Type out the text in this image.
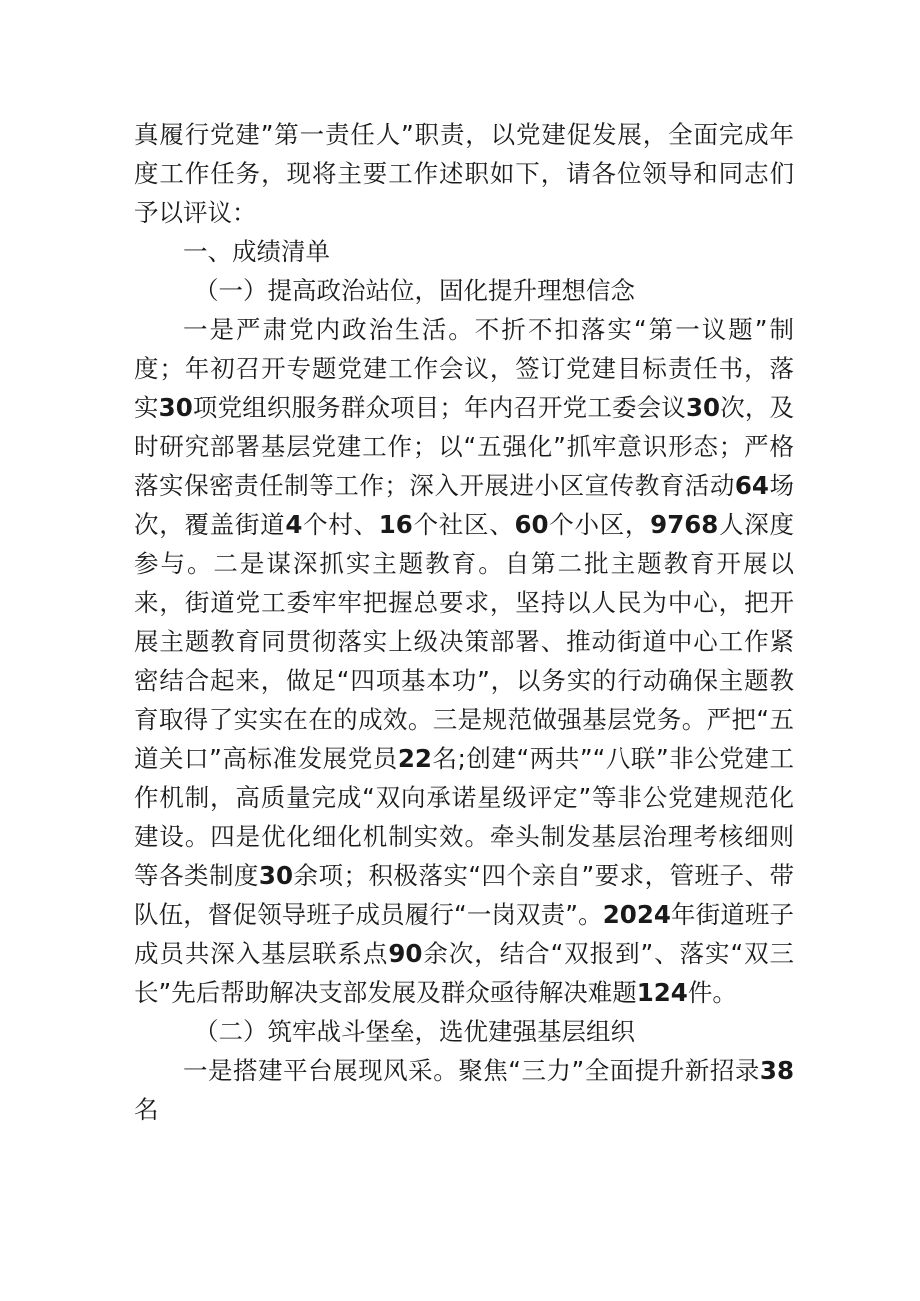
真履行党建”第一责任人”职责，以党建促发展，全面完成年度工作任务，现将主要工作述职如下，请各位领导和同志们予以评议：

一、成绩清单

（一）提高政治站位，固化提升理想信念

一是严肃党内政治生活。不折不扣落实“第一议题”制度；年初召开专题党建工作会议，签订党建目标责任书，落实30项党组织服务群众项目；年内召开党工委会议30次，及时研究部署基层党建工作；以“五强化”抓牢意识形态；严格落实保密责任制等工作；深入开展进小区宣传教育活动64场次，覆盖街道4个村、16个社区、60个小区，9768人深度参与。二是谋深抓实主题教育。自第二批主题教育开展以来，街道党工委牢牢把握总要求，坚持以人民为中心，把开展主题教育同贯彻落实上级决策部署、推动街道中心工作紧密结合起来，做足“四项基本功”，以务实的行动确保主题教育取得了实实在在的成效。三是规范做强基层党务。严把“五道关口”高标准发展党员22名;创建“两共”“八联”非公党建工作机制，高质量完成“双向承诺星级评定”等非公党建规范化建设。四是优化细化机制实效。牵头制发基层治理考核细则等各类制度30余项；积极落实“四个亲自”要求，管班子、带队伍，督促领导班子成员履行“一岗双责”。2024年街道班子成员共深入基层联系点90余次，结合“双报到”、落实“双三长”先后帮助解决支部发展及群众亟待解决难题124件。

（二）筑牢战斗堡垒，选优建强基层组织

一是搭建平台展现风采。聚焦“三力”全面提升新招录38名
